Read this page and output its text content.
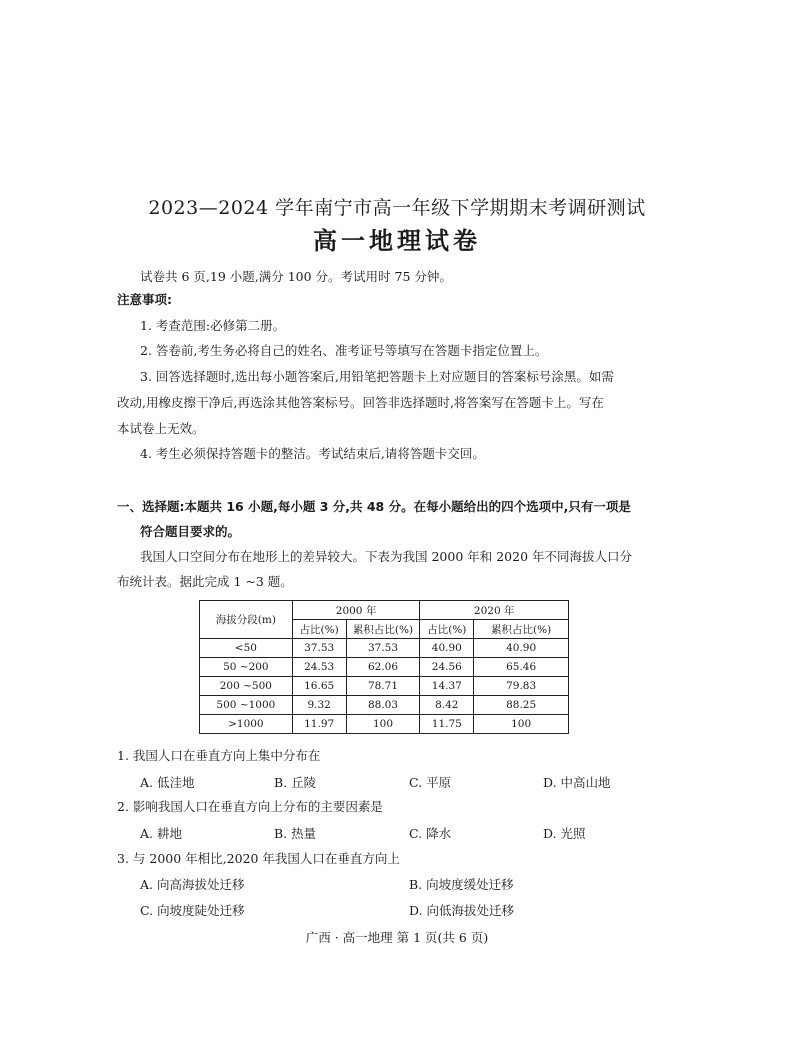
2023—2024 学年南宁市高一年级下学期期末考调研测试
高一地理试卷
试卷共 6 页,19 小题,满分 100 分。考试用时 75 分钟。
注意事项:
1. 考查范围:必修第二册。
2. 答卷前,考生务必将自己的姓名、准考证号等填写在答题卡指定位置上。
3. 回答选择题时,选出每小题答案后,用铅笔把答题卡上对应题目的答案标号涂黑。如需
改动,用橡皮擦干净后,再选涂其他答案标号。回答非选择题时,将答案写在答题卡上。写在
本试卷上无效。
4. 考生必须保持答题卡的整洁。考试结束后,请将答题卡交回。
一、选择题:本题共 16 小题,每小题 3 分,共 48 分。在每小题给出的四个选项中,只有一项是
符合题目要求的。
我国人口空间分布在地形上的差异较大。下表为我国 2000 年和 2020 年不同海拔人口分
布统计表。据此完成 1 ~3 题。
海拔分段(m)	2000 年		2020 年	
	占比(%)	累积占比(%)	占比(%)	累积占比(%)
<50	37.53	37.53	40.90	40.90
50 ~200	24.53	62.06	24.56	65.46
200 ~500	16.65	78.71	14.37	79.83
500 ~1000	9.32	88.03	8.42	88.25
>1000	11.97	100	11.75	100
1. 我国人口在垂直方向上集中分布在
A. 低洼地	B. 丘陵	C. 平原	D. 中高山地
2. 影响我国人口在垂直方向上分布的主要因素是
A. 耕地	B. 热量	C. 降水	D. 光照
3. 与 2000 年相比,2020 年我国人口在垂直方向上
A. 向高海拔处迁移	B. 向坡度缓处迁移
C. 向坡度陡处迁移	D. 向低海拔处迁移
广西 · 高一地理 第 1 页(共 6 页)
